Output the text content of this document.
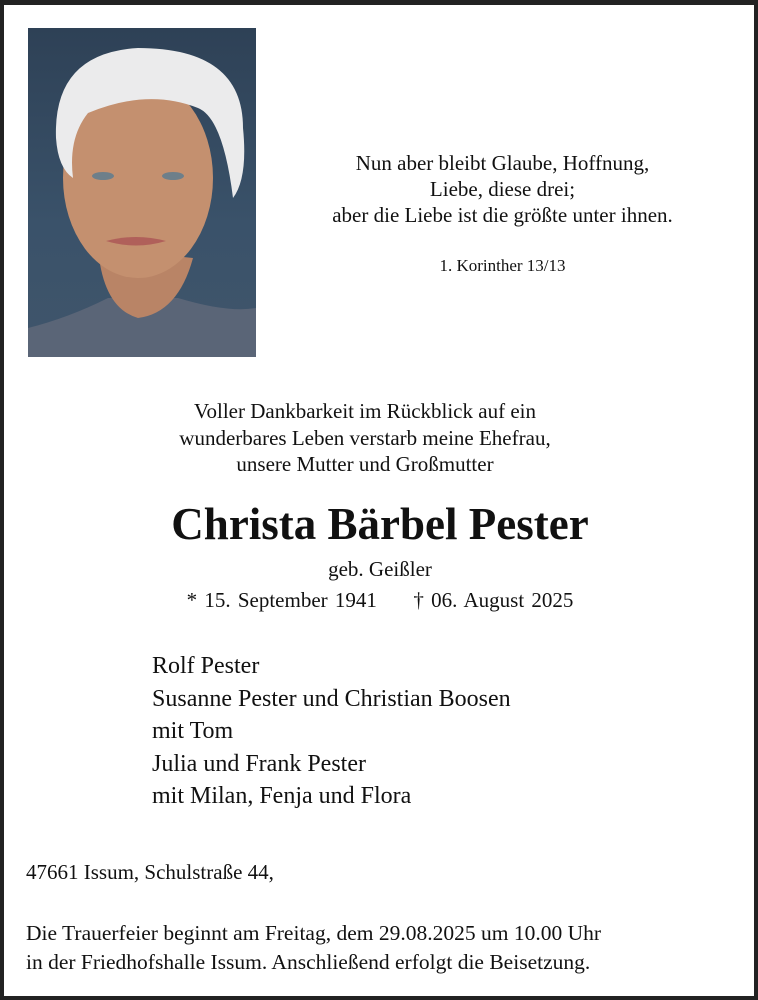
Nun aber bleibt Glaube, Hoffnung,
Liebe, diese drei;
aber die Liebe ist die größte unter ihnen.
1. Korinther 13/13
Voller Dankbarkeit im Rückblick auf ein
wunderbares Leben verstarb meine Ehefrau,
unsere Mutter und Großmutter
Christa Bärbel Pester
geb. Geißler
* 15. September 1941 † 06. August 2025
Rolf Pester
Susanne Pester und Christian Boosen
mit Tom
Julia und Frank Pester
mit Milan, Fenja und Flora
47661 Issum, Schulstraße 44,
Die Trauerfeier beginnt am Freitag, dem 29.08.2025 um 10.00 Uhr
in der Friedhofshalle Issum. Anschließend erfolgt die Beisetzung.
